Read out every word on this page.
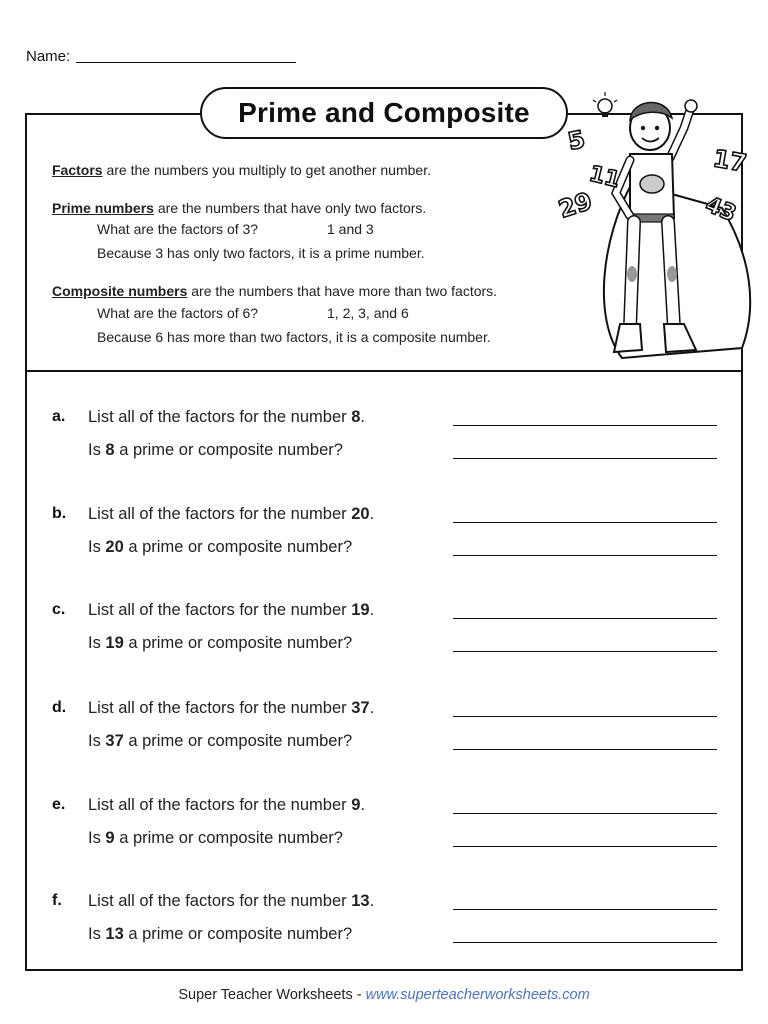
Name:
Prime and Composite
Factors are the numbers you multiply to get another number.
Prime numbers are the numbers that have only two factors.
What are the factors of 3?	1 and 3
Because 3 has only two factors, it is a prime number.
Composite numbers are the numbers that have more than two factors.
What are the factors of 6?	1, 2, 3, and 6
Because 6 has more than two factors, it is a composite number.
5
11	17
29	43
a. List all of the factors for the number 8.
Is 8 a prime or composite number?
b. List all of the factors for the number 20.
Is 20 a prime or composite number?
c. List all of the factors for the number 19.
Is 19 a prime or composite number?
d. List all of the factors for the number 37.
Is 37 a prime or composite number?
e. List all of the factors for the number 9.
Is 9 a prime or composite number?
f. List all of the factors for the number 13.
Is 13 a prime or composite number?
Super Teacher Worksheets - www.superteacherworksheets.com
